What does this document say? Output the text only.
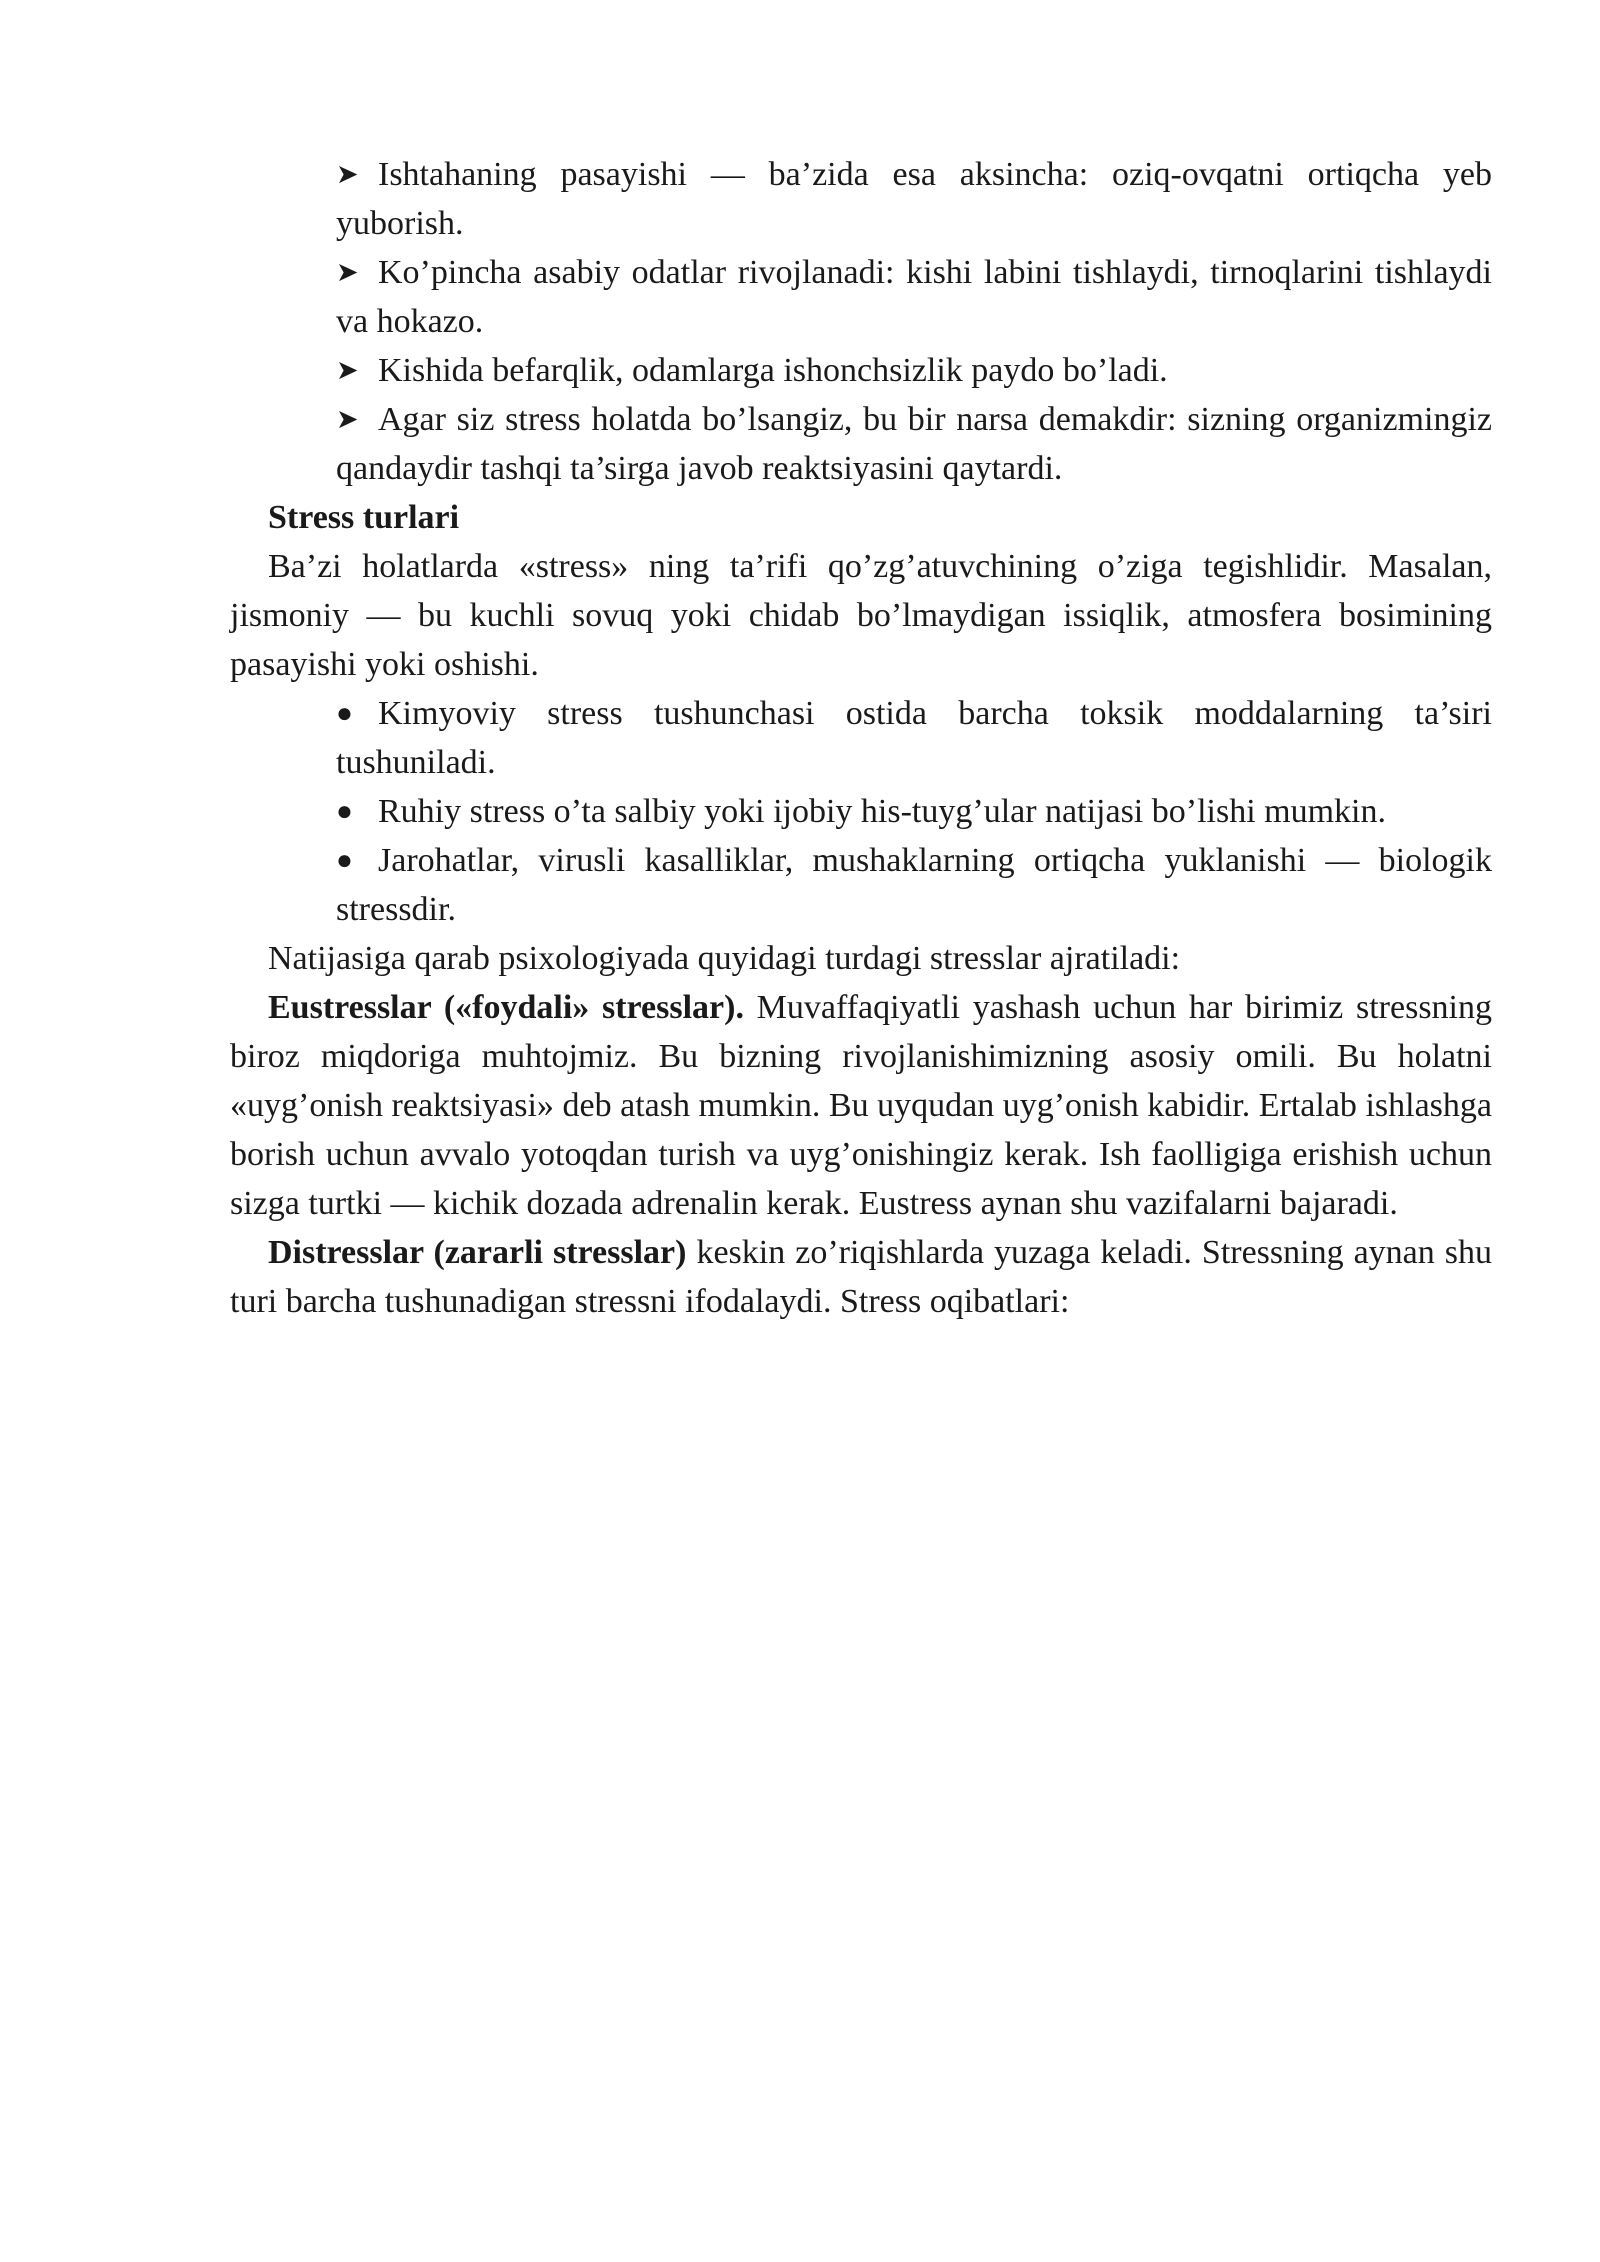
➤ Ishtahaning pasayishi — ba’zida esa aksincha: oziq-ovqatni ortiqcha yeb yuborish.
➤ Ko’pincha asabiy odatlar rivojlanadi: kishi labini tishlaydi, tirnoqlarini tishlaydi va hokazo.
➤ Kishida befarqlik, odamlarga ishonchsizlik paydo bo’ladi.
➤ Agar siz stress holatda bo’lsangiz, bu bir narsa demakdir: sizning organizmingiz qandaydir tashqi ta’sirga javob reaktsiyasini qaytardi.
Stress turlari
Ba’zi holatlarda «stress» ning ta’rifi qo’zg’atuvchining o’ziga tegishlidir. Masalan, jismoniy — bu kuchli sovuq yoki chidab bo’lmaydigan issiqlik, atmosfera bosimining pasayishi yoki oshishi.
● Kimyoviy stress tushunchasi ostida barcha toksik moddalarning ta’siri tushuniladi.
● Ruhiy stress o’ta salbiy yoki ijobiy his-tuyg’ular natijasi bo’lishi mumkin.
● Jarohatlar, virusli kasalliklar, mushaklarning ortiqcha yuklanishi — biologik stressdir.
Natijasiga qarab psixologiyada quyidagi turdagi stresslar ajratiladi:
Eustresslar («foydali» stresslar). Muvaffaqiyatli yashash uchun har birimiz stressning biroz miqdoriga muhtojmiz. Bu bizning rivojlanishimizning asosiy omili. Bu holatni «uyg’onish reaktsiyasi» deb atash mumkin. Bu uyqudan uyg’onish kabidir. Ertalab ishlashga borish uchun avvalo yotoqdan turish va uyg’onishingiz kerak. Ish faolligiga erishish uchun sizga turtki — kichik dozada adrenalin kerak. Eustress aynan shu vazifalarni bajaradi.
Distresslar (zararli stresslar) keskin zo’riqishlarda yuzaga keladi. Stressning aynan shu turi barcha tushunadigan stressni ifodalaydi. Stress oqibatlari:
